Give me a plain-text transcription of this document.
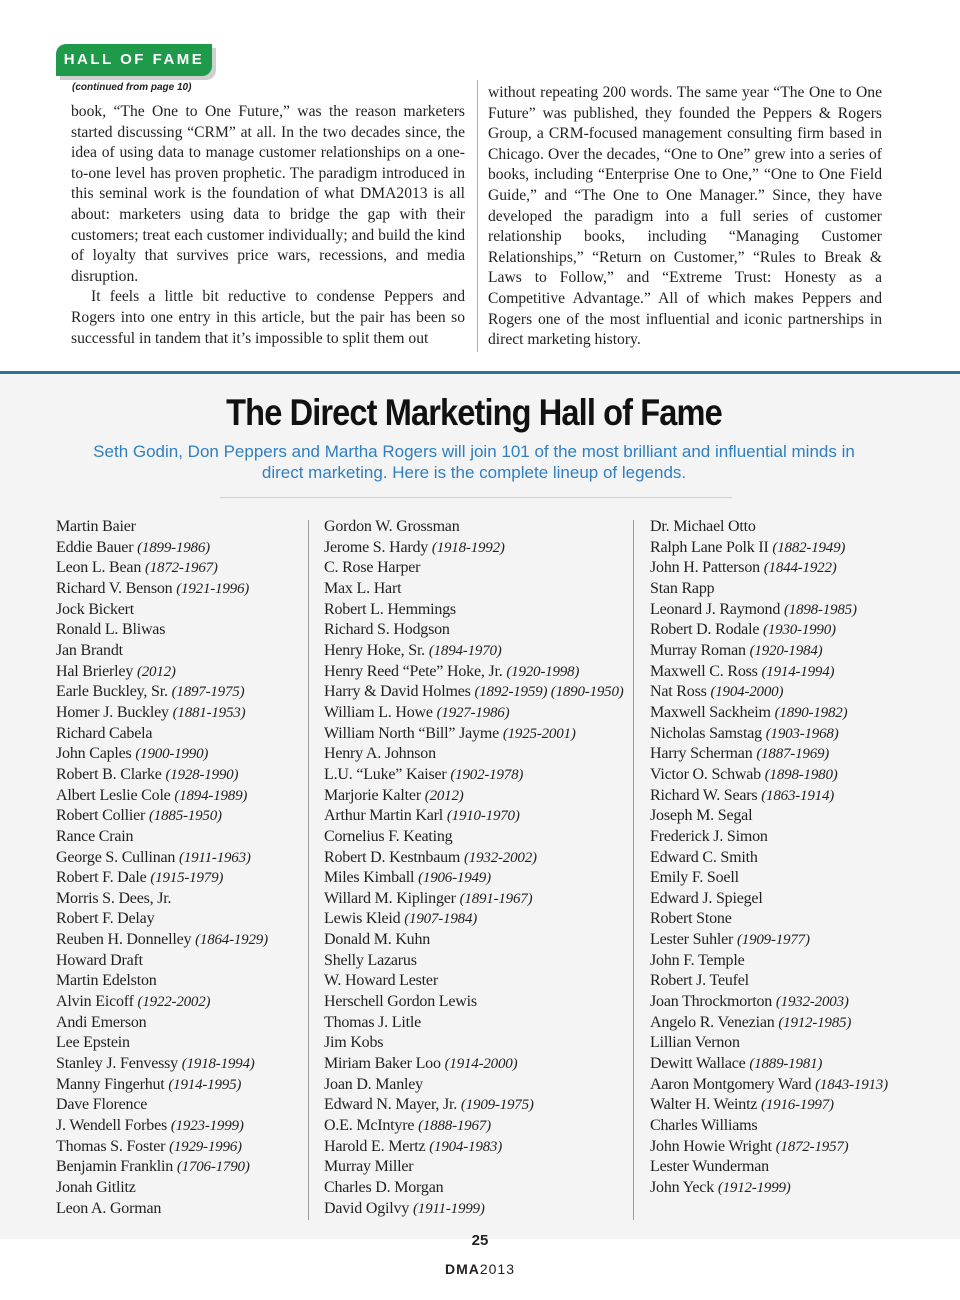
HALL OF FAME
(continued from page 10)

book, “The One to One Future,” was the reason marketers started discussing “CRM” at all. In the two decades since, the idea of using data to manage customer relationships on a one-to-one level has proven prophetic. The paradigm introduced in this seminal work is the foundation of what DMA2013 is all about: marketers using data to bridge the gap with their customers; treat each customer individually; and build the kind of loyalty that survives price wars, recessions, and media disruption.

It feels a little bit reductive to condense Peppers and Rogers into one entry in this article, but the pair has been so successful in tandem that it’s impossible to split them out

without repeating 200 words. The same year “The One to One Future” was published, they founded the Peppers & Rogers Group, a CRM-focused management consulting firm based in Chicago. Over the decades, “One to One” grew into a series of books, including “Enterprise One to One,” “One to One Field Guide,” and “The One to One Manager.” Since, they have developed the paradigm into a full series of customer relationship books, including “Managing Customer Relationships,” “Return on Customer,” “Rules to Break & Laws to Follow,” and “Extreme Trust: Honesty as a Competitive Advantage.” All of which makes Peppers and Rogers one of the most influential and iconic partnerships in direct marketing history.

The Direct Marketing Hall of Fame

Seth Godin, Don Peppers and Martha Rogers will join 101 of the most brilliant and influential minds in direct marketing. Here is the complete lineup of legends.

Martin Baier
Eddie Bauer (1899-1986)
Leon L. Bean (1872-1967)
Richard V. Benson (1921-1996)
Jock Bickert
Ronald L. Bliwas
Jan Brandt
Hal Brierley (2012)
Earle Buckley, Sr. (1897-1975)
Homer J. Buckley (1881-1953)
Richard Cabela
John Caples (1900-1990)
Robert B. Clarke (1928-1990)
Albert Leslie Cole (1894-1989)
Robert Collier (1885-1950)
Rance Crain
George S. Cullinan (1911-1963)
Robert F. Dale (1915-1979)
Morris S. Dees, Jr.
Robert F. Delay
Reuben H. Donnelley (1864-1929)
Howard Draft
Martin Edelston
Alvin Eicoff (1922-2002)
Andi Emerson
Lee Epstein
Stanley J. Fenvessy (1918-1994)
Manny Fingerhut (1914-1995)
Dave Florence
J. Wendell Forbes (1923-1999)
Thomas S. Foster (1929-1996)
Benjamin Franklin (1706-1790)
Jonah Gitlitz
Leon A. Gorman
Gordon W. Grossman
Jerome S. Hardy (1918-1992)
C. Rose Harper
Max L. Hart
Robert L. Hemmings
Richard S. Hodgson
Henry Hoke, Sr. (1894-1970)
Henry Reed “Pete” Hoke, Jr. (1920-1998)
Harry & David Holmes (1892-1959) (1890-1950)
William L. Howe (1927-1986)
William North “Bill” Jayme (1925-2001)
Henry A. Johnson
L.U. “Luke” Kaiser (1902-1978)
Marjorie Kalter (2012)
Arthur Martin Karl (1910-1970)
Cornelius F. Keating
Robert D. Kestnbaum (1932-2002)
Miles Kimball (1906-1949)
Willard M. Kiplinger (1891-1967)
Lewis Kleid (1907-1984)
Donald M. Kuhn
Shelly Lazarus
W. Howard Lester
Herschell Gordon Lewis
Thomas J. Litle
Jim Kobs
Miriam Baker Loo (1914-2000)
Joan D. Manley
Edward N. Mayer, Jr. (1909-1975)
O.E. McIntyre (1888-1967)
Harold E. Mertz (1904-1983)
Murray Miller
Charles D. Morgan
David Ogilvy (1911-1999)
Dr. Michael Otto
Ralph Lane Polk II (1882-1949)
John H. Patterson (1844-1922)
Stan Rapp
Leonard J. Raymond (1898-1985)
Robert D. Rodale (1930-1990)
Murray Roman (1920-1984)
Maxwell C. Ross (1914-1994)
Nat Ross (1904-2000)
Maxwell Sackheim (1890-1982)
Nicholas Samstag (1903-1968)
Harry Scherman (1887-1969)
Victor O. Schwab (1898-1980)
Richard W. Sears (1863-1914)
Joseph M. Segal
Frederick J. Simon
Edward C. Smith
Emily F. Soell
Edward J. Spiegel
Robert Stone
Lester Suhler (1909-1977)
John F. Temple
Robert J. Teufel
Joan Throckmorton (1932-2003)
Angelo R. Venezian (1912-1985)
Lillian Vernon
Dewitt Wallace (1889-1981)
Aaron Montgomery Ward (1843-1913)
Walter H. Weintz (1916-1997)
Charles Williams
John Howie Wright (1872-1957)
Lester Wunderman
John Yeck (1912-1999)
25
DMA2013
